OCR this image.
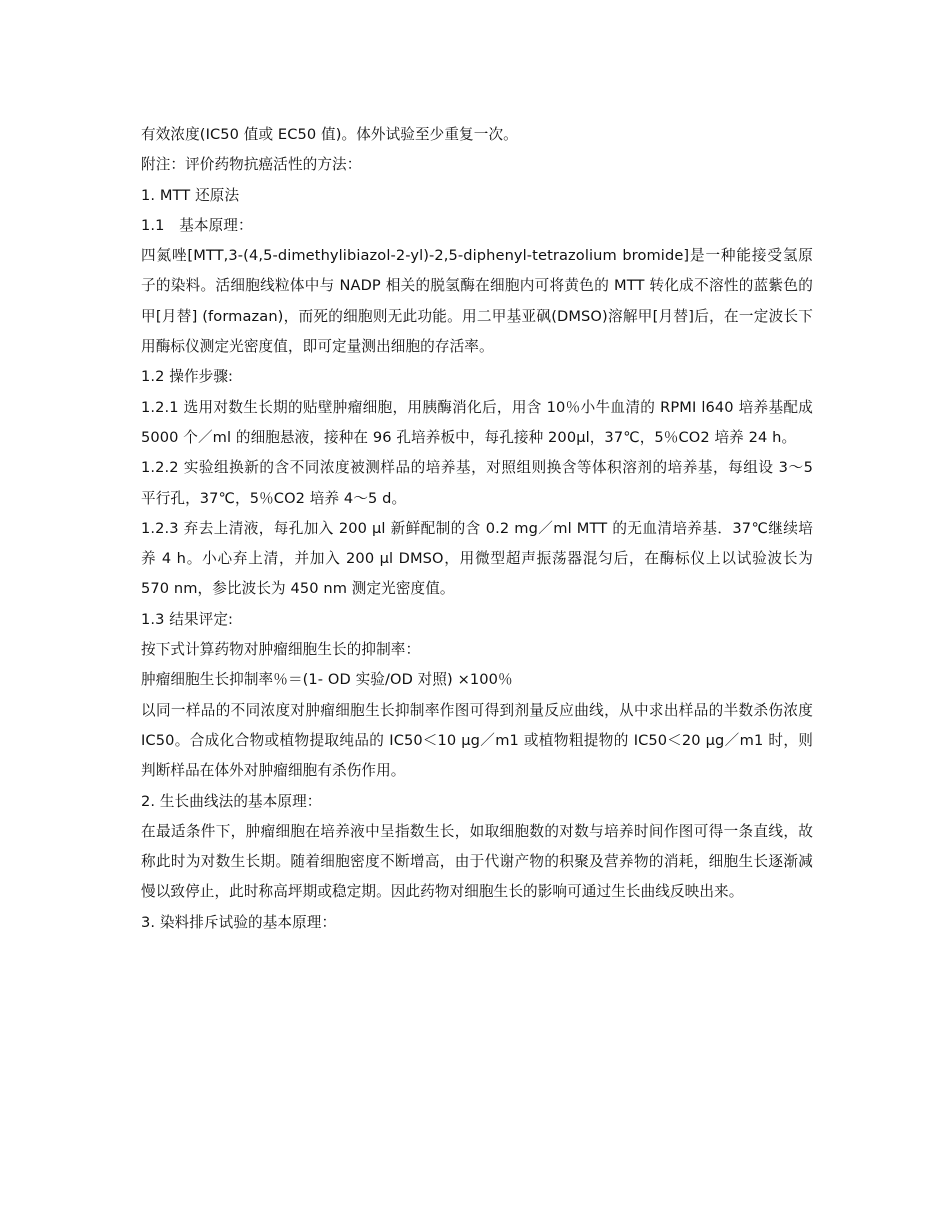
有效浓度(IC50 值或 EC50 值)。体外试验至少重复一次。

附注：评价药物抗癌活性的方法：

1. MTT 还原法

1.1　基本原理：

四氮唑[MTT,3-(4,5-dimethylibiazol-2-yl)-2,5-diphenyl-tetrazolium bromide]是一种能接受氢原子的染料。活细胞线粒体中与 NADP 相关的脱氢酶在细胞内可将黄色的 MTT 转化成不溶性的蓝紫色的甲[月替] (formazan)，而死的细胞则无此功能。用二甲基亚砜(DMSO)溶解甲[月替]后，在一定波长下用酶标仪测定光密度值，即可定量测出细胞的存活率。

1.2 操作步骤:

1.2.1 选用对数生长期的贴壁肿瘤细胞，用胰酶消化后，用含 10％小牛血清的 RPMI l640 培养基配成 5000 个／ml 的细胞悬液，接种在 96 孔培养板中，每孔接种 200μl，37℃，5％CO2 培养 24 h。

1.2.2 实验组换新的含不同浓度被测样品的培养基，对照组则换含等体积溶剂的培养基，每组设 3～5 平行孔，37℃，5％CO2 培养 4～5 d。

1.2.3 弃去上清液，每孔加入 200 μl 新鲜配制的含 0.2 mg／ml MTT 的无血清培养基．37℃继续培养 4 h。小心弃上清，并加入 200 μl DMSO，用微型超声振荡器混匀后，在酶标仪上以试验波长为 570 nm，参比波长为 450 nm 测定光密度值。

1.3 结果评定:

按下式计算药物对肿瘤细胞生长的抑制率：

肿瘤细胞生长抑制率％＝(1- OD 实验/OD 对照) ×100％

以同一样品的不同浓度对肿瘤细胞生长抑制率作图可得到剂量反应曲线，从中求出样品的半数杀伤浓度 IC50。合成化合物或植物提取纯品的 IC50＜10 μg／m1 或植物粗提物的 IC50＜20 μg／m1 时，则判断样品在体外对肿瘤细胞有杀伤作用。

2. 生长曲线法的基本原理：

在最适条件下，肿瘤细胞在培养液中呈指数生长，如取细胞数的对数与培养时间作图可得一条直线，故称此时为对数生长期。随着细胞密度不断增高，由于代谢产物的积聚及营养物的消耗，细胞生长逐渐减慢以致停止，此时称高坪期或稳定期。因此药物对细胞生长的影响可通过生长曲线反映出来。

3. 染料排斥试验的基本原理：
